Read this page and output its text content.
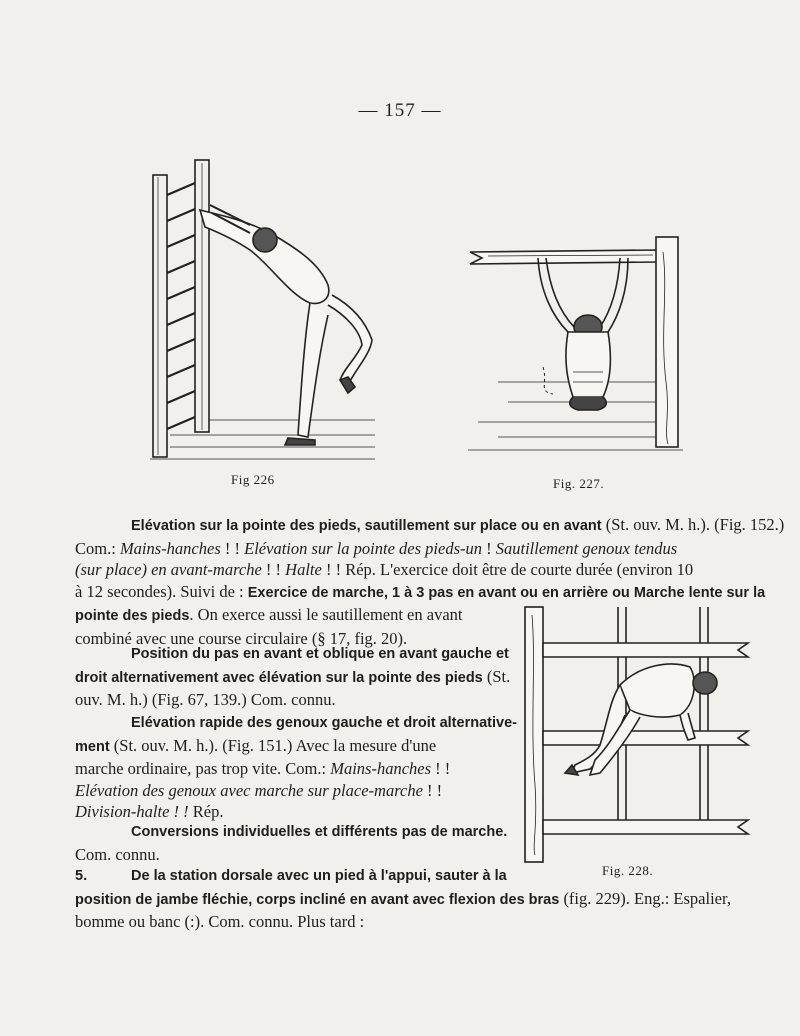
— 157 —
Fig 226	Fig. 227.
Elévation sur la pointe des pieds, sautillement sur place ou en avant (St. ouv. M. h.). (Fig. 152.)
Com.: Mains-hanches ! ! Elévation sur la pointe des pieds-un ! Sautillement genoux tendus
(sur place) en avant-marche ! ! Halte ! ! Rép. L'exercice doit être de courte durée (environ 10
à 12 secondes). Suivi de : Exercice de marche, 1 à 3 pas en avant ou en arrière ou Marche lente sur la
pointe des pieds. On exerce aussi le sautillement en avant
combiné avec une course circulaire (§ 17, fig. 20).
Fig. 228.
Position du pas en avant et oblique en avant gauche et
droit alternativement avec élévation sur la pointe des pieds (St.
ouv. M. h.) (Fig. 67, 139.) Com. connu.
Elévation rapide des genoux gauche et droit alternative-
ment (St. ouv. M. h.). (Fig. 151.) Avec la mesure d'une
marche ordinaire, pas trop vite. Com.: Mains-hanches ! !
Elévation des genoux avec marche sur place-marche ! !
Division-halte ! ! Rép.
Conversions individuelles et différents pas de marche.
Com. connu.
5.	De la station dorsale avec un pied à l'appui, sauter à la
position de jambe fléchie, corps incliné en avant avec flexion des bras (fig. 229). Eng.: Espalier,
bomme ou banc (:). Com. connu. Plus tard :
